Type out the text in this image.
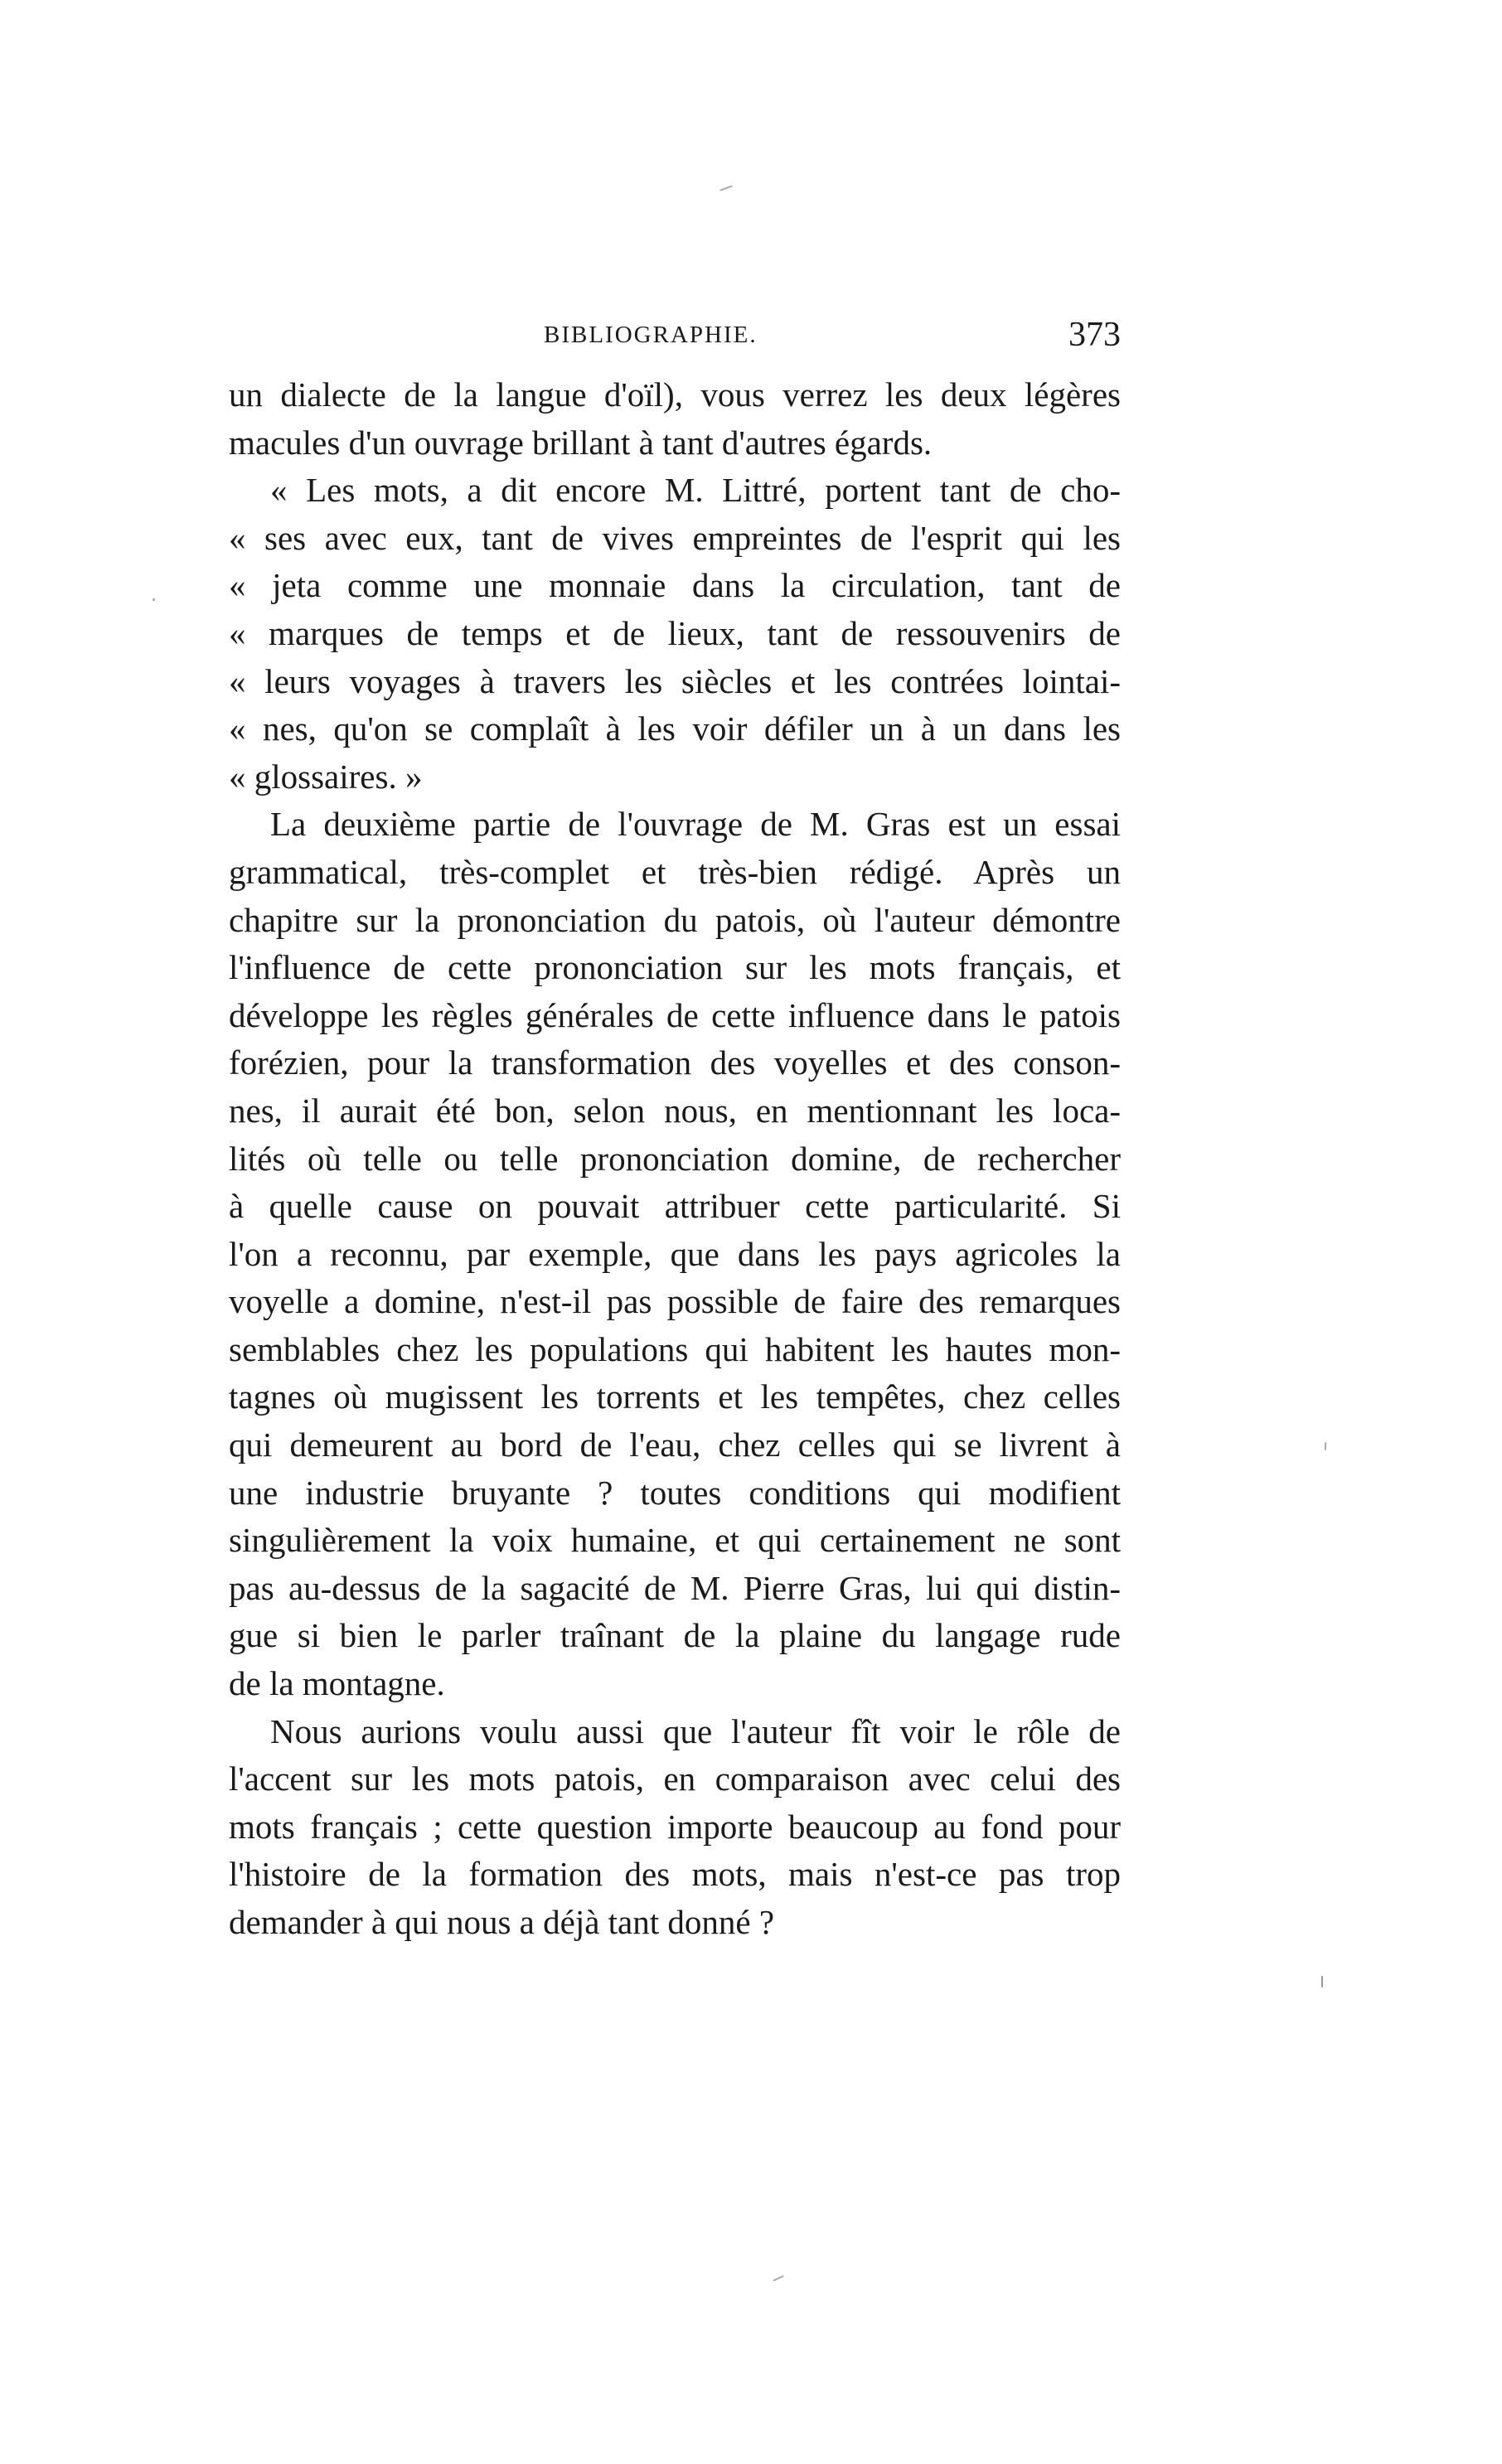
BIBLIOGRAPHIE.	373
un dialecte de la langue d'oïl), vous verrez les deux légères
macules d'un ouvrage brillant à tant d'autres égards.
« Les mots, a dit encore M. Littré, portent tant de cho-
« ses avec eux, tant de vives empreintes de l'esprit qui les
« jeta comme une monnaie dans la circulation, tant de
« marques de temps et de lieux, tant de ressouvenirs de
« leurs voyages à travers les siècles et les contrées lointai-
« nes, qu'on se complaît à les voir défiler un à un dans les
« glossaires. »
La deuxième partie de l'ouvrage de M. Gras est un essai
grammatical, très-complet et très-bien rédigé. Après un
chapitre sur la prononciation du patois, où l'auteur démontre
l'influence de cette prononciation sur les mots français, et
développe les règles générales de cette influence dans le patois
forézien, pour la transformation des voyelles et des conson-
nes, il aurait été bon, selon nous, en mentionnant les loca-
lités où telle ou telle prononciation domine, de rechercher
à quelle cause on pouvait attribuer cette particularité. Si
l'on a reconnu, par exemple, que dans les pays agricoles la
voyelle a domine, n'est-il pas possible de faire des remarques
semblables chez les populations qui habitent les hautes mon-
tagnes où mugissent les torrents et les tempêtes, chez celles
qui demeurent au bord de l'eau, chez celles qui se livrent à
une industrie bruyante ? toutes conditions qui modifient
singulièrement la voix humaine, et qui certainement ne sont
pas au-dessus de la sagacité de M. Pierre Gras, lui qui distin-
gue si bien le parler traînant de la plaine du langage rude
de la montagne.
Nous aurions voulu aussi que l'auteur fît voir le rôle de
l'accent sur les mots patois, en comparaison avec celui des
mots français ; cette question importe beaucoup au fond pour
l'histoire de la formation des mots, mais n'est-ce pas trop
demander à qui nous a déjà tant donné ?
